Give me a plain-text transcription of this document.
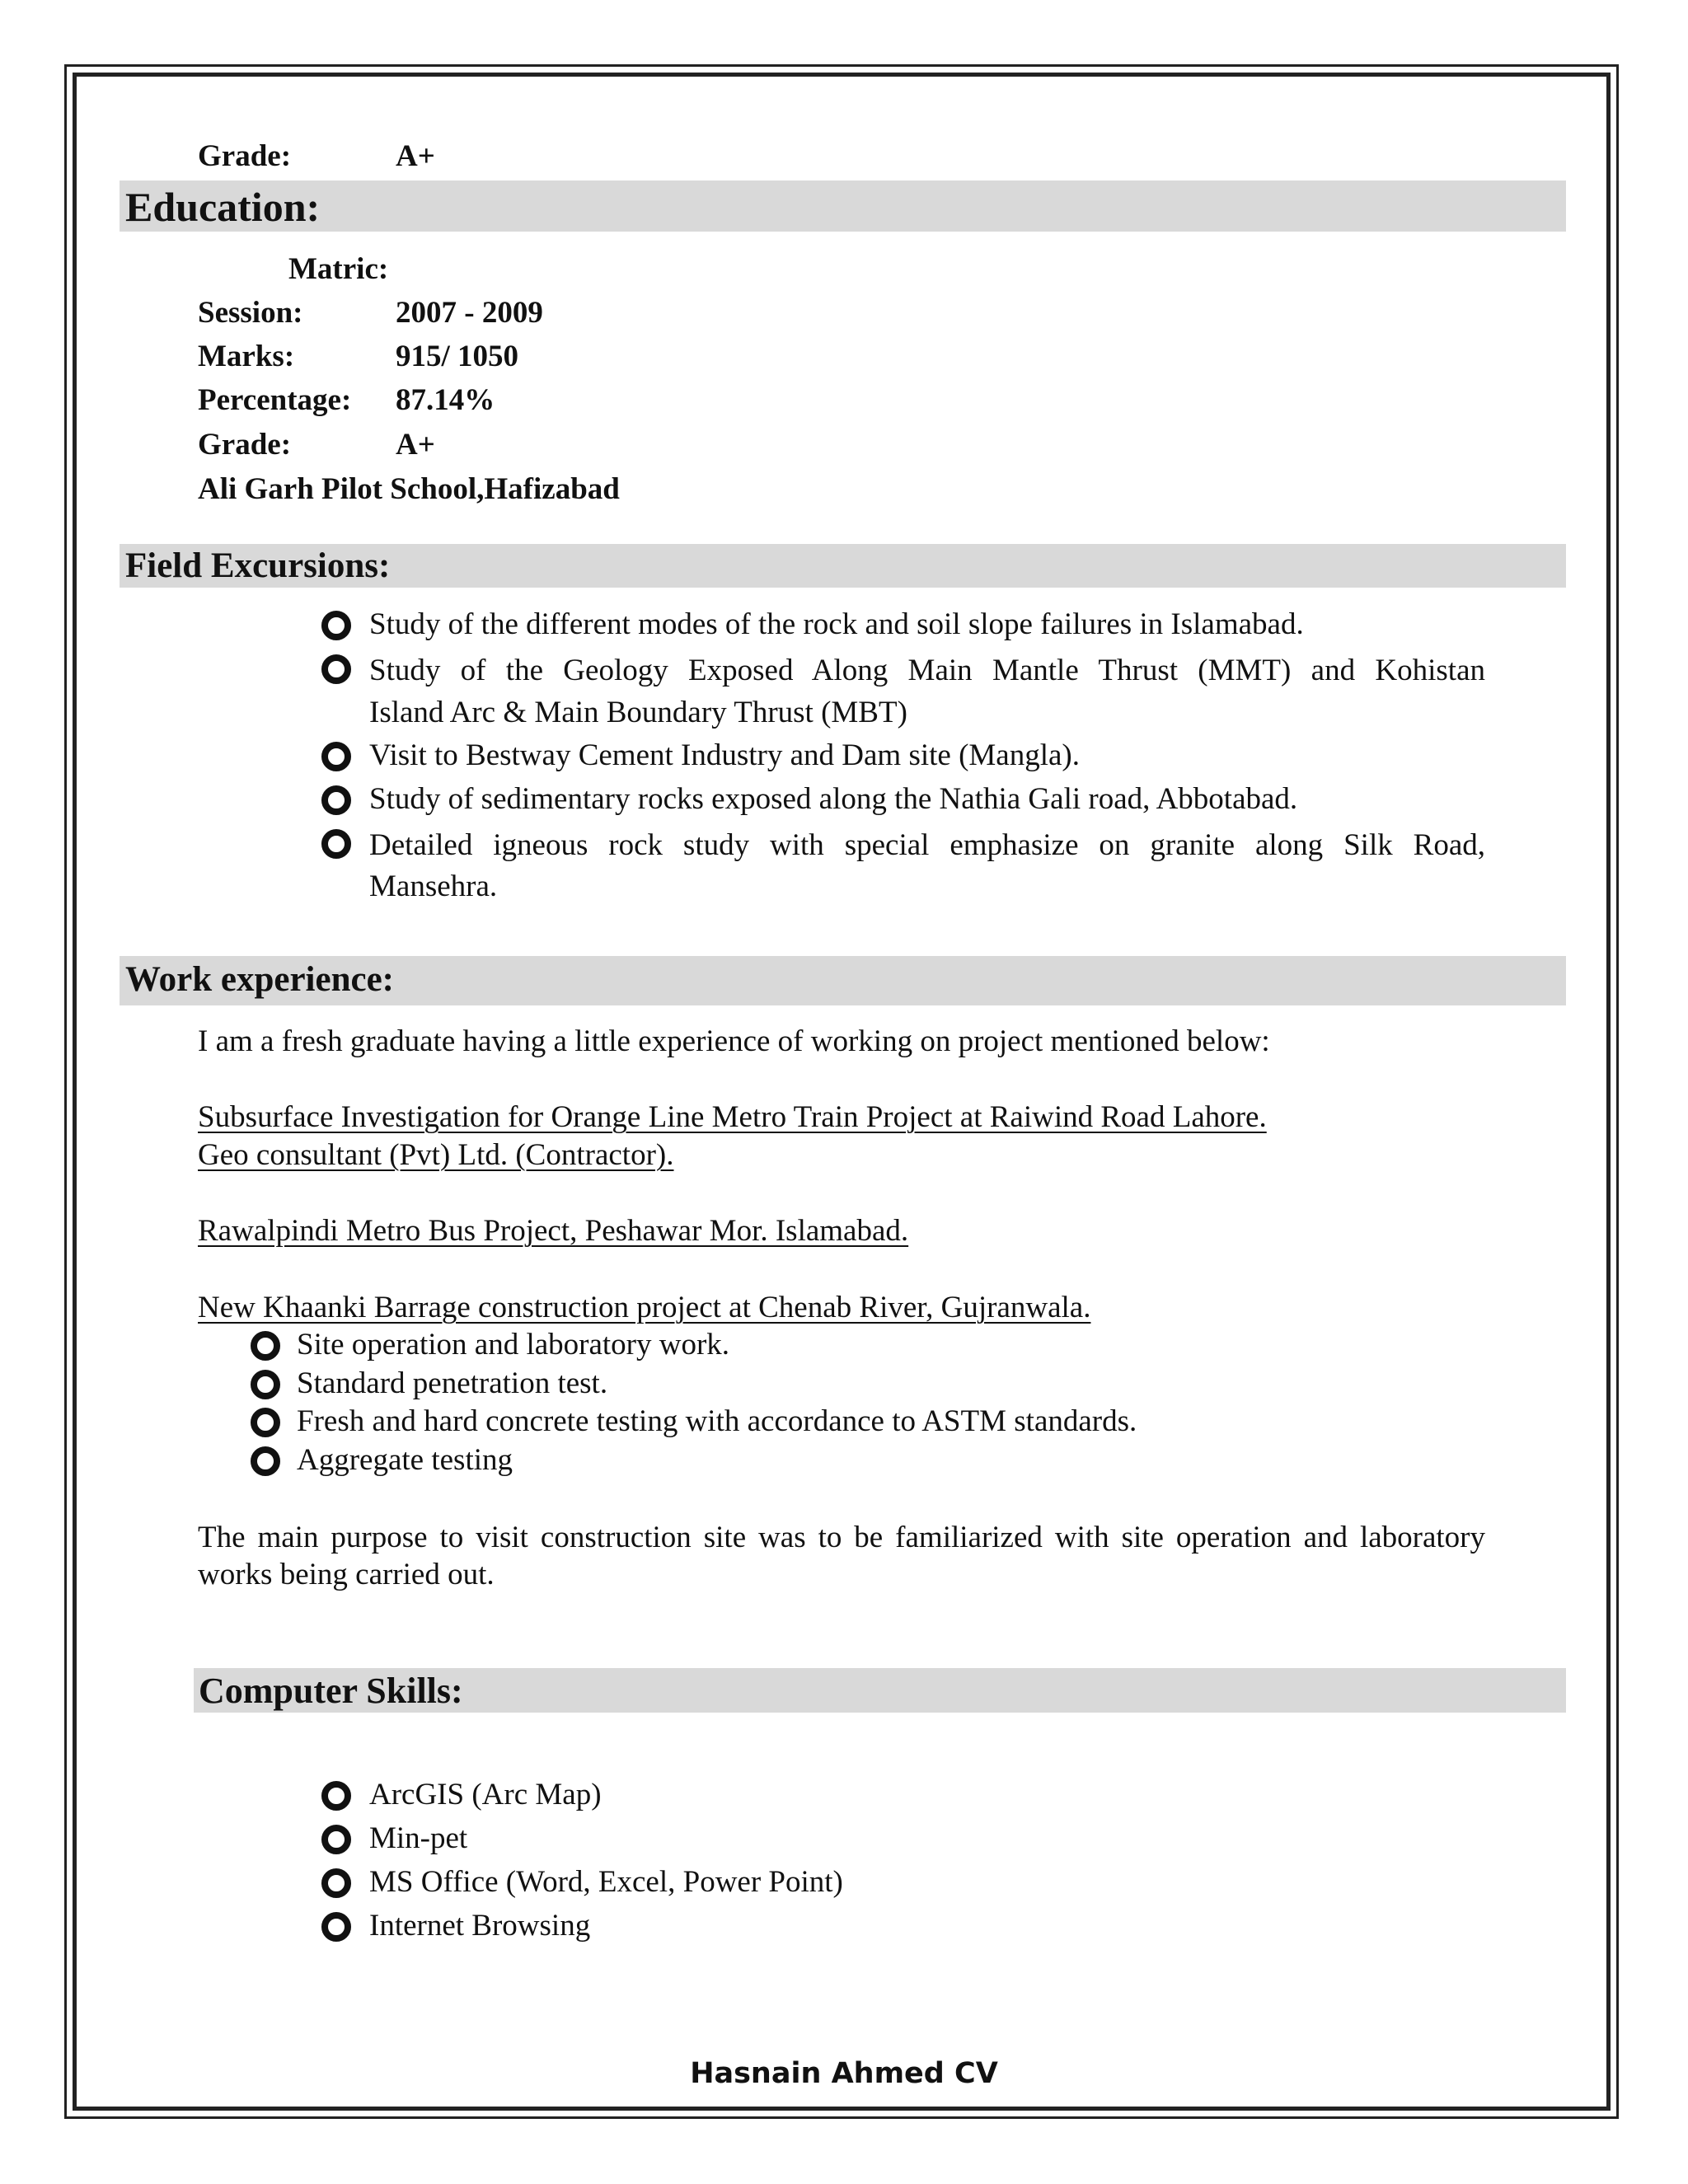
Grade:	A+
Education:
Matric:
Session:	2007 - 2009
Marks:	915/ 1050
Percentage: 87.14%
Grade:	A+
Ali Garh Pilot School,Hafizabad
Field Excursions:
Study of the different modes of the rock and soil slope failures in Islamabad.
Study of the Geology Exposed Along Main Mantle Thrust (MMT) and Kohistan
Island Arc & Main Boundary Thrust (MBT)
Visit to Bestway Cement Industry and Dam site (Mangla).
Study of sedimentary rocks exposed along the Nathia Gali road, Abbotabad.
Detailed igneous rock study with special emphasize on granite along Silk Road,
Mansehra.
Work experience:
I am a fresh graduate having a little experience of working on project mentioned below:
Subsurface Investigation for Orange Line Metro Train Project at Raiwind Road Lahore.
Geo consultant (Pvt) Ltd. (Contractor).
Rawalpindi Metro Bus Project, Peshawar Mor. Islamabad.
New Khaanki Barrage construction project at Chenab River, Gujranwala.
Site operation and laboratory work.
Standard penetration test.
Fresh and hard concrete testing with accordance to ASTM standards.
Aggregate testing
The main purpose to visit construction site was to be familiarized with site operation and laboratory
works being carried out.
Computer Skills:
ArcGIS (Arc Map)
Min-pet
MS Office (Word, Excel, Power Point)
Internet Browsing
Hasnain Ahmed CV
